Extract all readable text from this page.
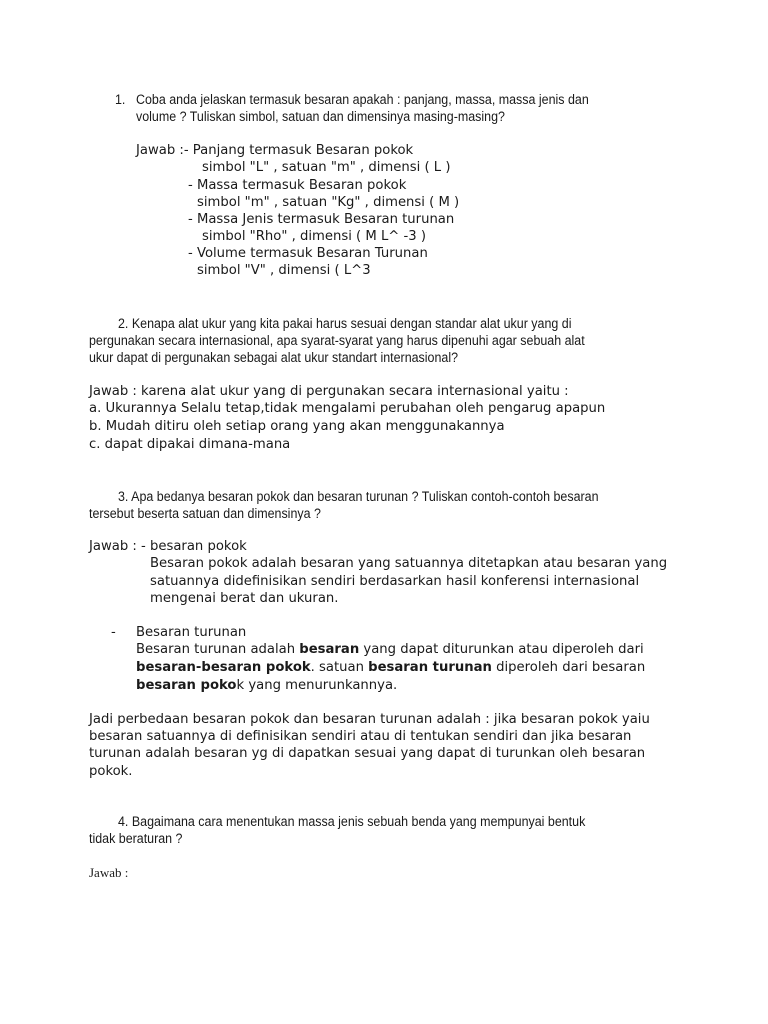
1. Coba anda jelaskan termasuk besaran apakah : panjang, massa, massa jenis dan
volume ? Tuliskan simbol, satuan dan dimensinya masing-masing?
Jawab :- Panjang termasuk Besaran pokok
simbol "L" , satuan "m" , dimensi ( L )
- Massa termasuk Besaran pokok
simbol "m" , satuan "Kg" , dimensi ( M )
- Massa Jenis termasuk Besaran turunan
simbol "Rho" , dimensi ( M L^ -3 )
- Volume termasuk Besaran Turunan
simbol "V" , dimensi ( L^3
2. Kenapa alat ukur yang kita pakai harus sesuai dengan standar alat ukur yang di
pergunakan secara internasional, apa syarat-syarat yang harus dipenuhi agar sebuah alat
ukur dapat di pergunakan sebagai alat ukur standart internasional?
Jawab : karena alat ukur yang di pergunakan secara internasional yaitu :
a. Ukurannya Selalu tetap,tidak mengalami perubahan oleh pengarug apapun
b. Mudah ditiru oleh setiap orang yang akan menggunakannya
c. dapat dipakai dimana-mana
3. Apa bedanya besaran pokok dan besaran turunan ? Tuliskan contoh-contoh besaran
tersebut beserta satuan dan dimensinya ?
Jawab : - besaran pokok
Besaran pokok adalah besaran yang satuannya ditetapkan atau besaran yang
satuannya didefinisikan sendiri berdasarkan hasil konferensi internasional
mengenai berat dan ukuran.
- Besaran turunan
Besaran turunan adalah besaran yang dapat diturunkan atau diperoleh dari
besaran-besaran pokok. satuan besaran turunan diperoleh dari besaran
besaran pokok yang menurunkannya.
Jadi perbedaan besaran pokok dan besaran turunan adalah : jika besaran pokok yaiu
besaran satuannya di definisikan sendiri atau di tentukan sendiri dan jika besaran
turunan adalah besaran yg di dapatkan sesuai yang dapat di turunkan oleh besaran
pokok.
4. Bagaimana cara menentukan massa jenis sebuah benda yang mempunyai bentuk
tidak beraturan ?
Jawab :
